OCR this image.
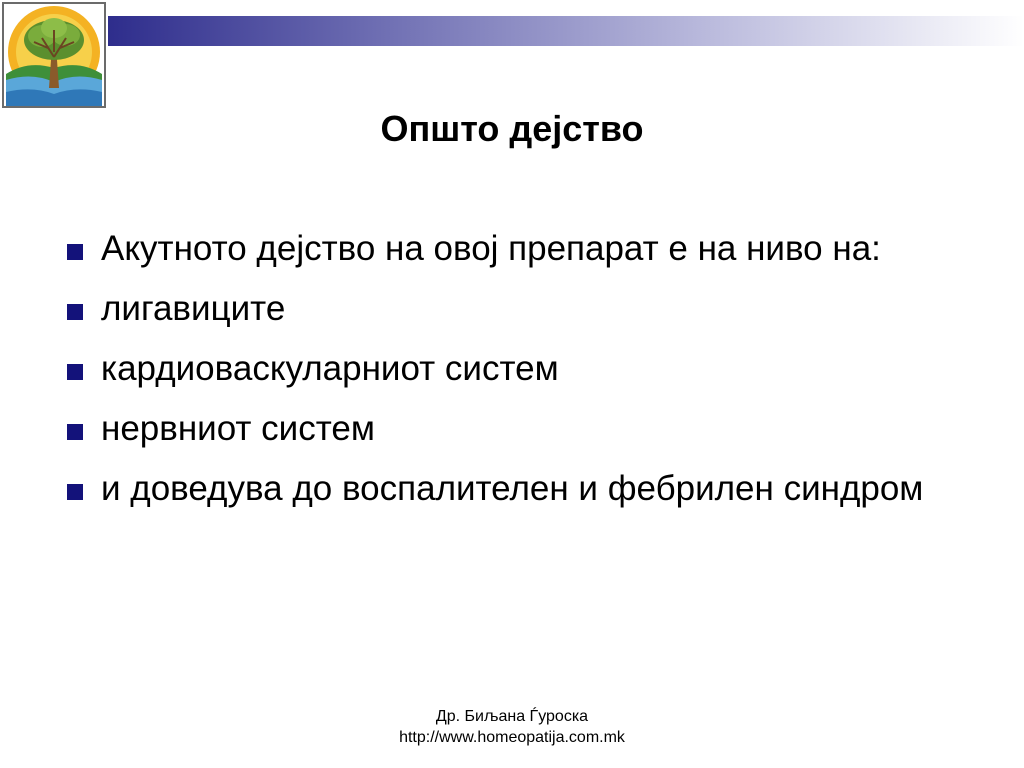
Општо дејство
Акутното дејство на овој препарат е на ниво на:
лигавиците
кардиоваскуларниот систем
нервниот систем
и доведува до воспалителен и фебрилен синдром
Др. Биљана Ѓуроска
http://www.homeopatija.com.mk
